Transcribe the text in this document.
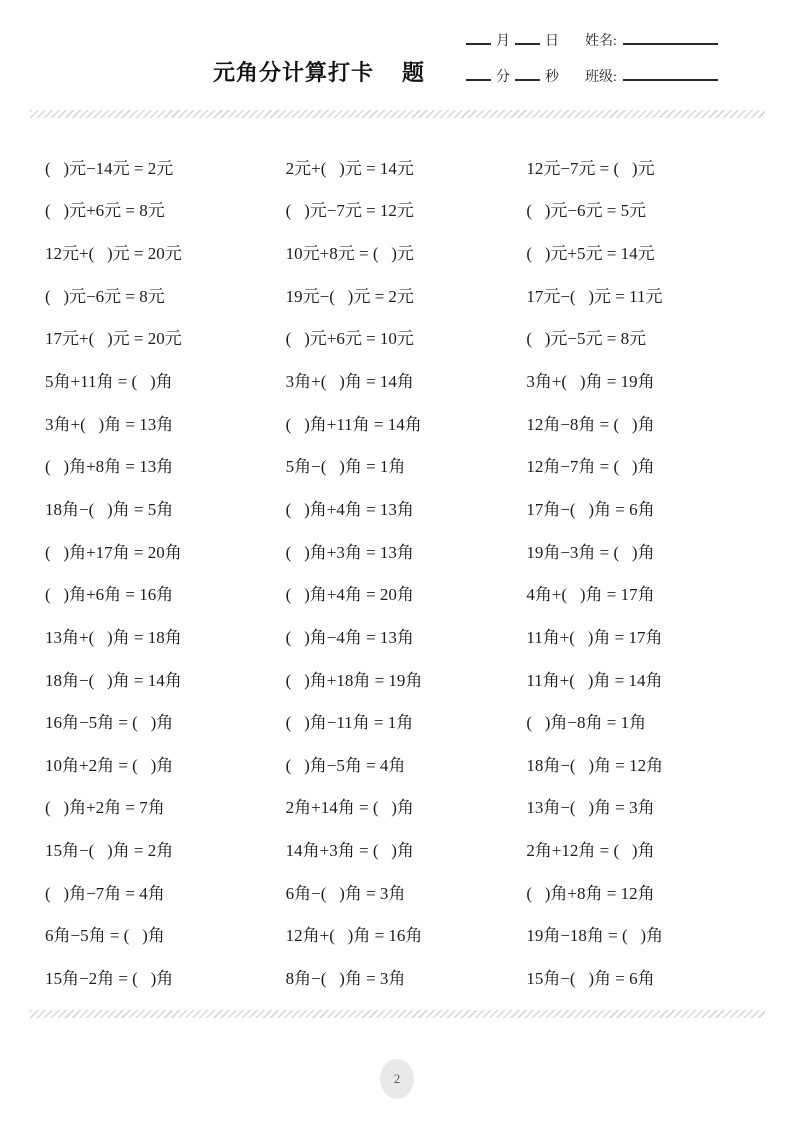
元角分计算打卡 题
月	日 姓名:
分	秒 班级:
(   )元−14元 = 2元
(   )元+6元 = 8元
12元+(   )元 = 20元
(   )元−6元 = 8元
17元+(   )元 = 20元
5角+11角 = (   )角
3角+(   )角 = 13角
(   )角+8角 = 13角
18角−(   )角 = 5角
(   )角+17角 = 20角
(   )角+6角 = 16角
13角+(   )角 = 18角
18角−(   )角 = 14角
16角−5角 = (   )角
10角+2角 = (   )角
(   )角+2角 = 7角
15角−(   )角 = 2角
(   )角−7角 = 4角
6角−5角 = (   )角
15角−2角 = (   )角
2元+(   )元 = 14元
(   )元−7元 = 12元
10元+8元 = (   )元
19元−(   )元 = 2元
(   )元+6元 = 10元
3角+(   )角 = 14角
(   )角+11角 = 14角
5角−(   )角 = 1角
(   )角+4角 = 13角
(   )角+3角 = 13角
(   )角+4角 = 20角
(   )角−4角 = 13角
(   )角+18角 = 19角
(   )角−11角 = 1角
(   )角−5角 = 4角
2角+14角 = (   )角
14角+3角 = (   )角
6角−(   )角 = 3角
12角+(   )角 = 16角
8角−(   )角 = 3角
12元−7元 = (   )元
(   )元−6元 = 5元
(   )元+5元 = 14元
17元−(   )元 = 11元
(   )元−5元 = 8元
3角+(   )角 = 19角
12角−8角 = (   )角
12角−7角 = (   )角
17角−(   )角 = 6角
19角−3角 = (   )角
4角+(   )角 = 17角
11角+(   )角 = 17角
11角+(   )角 = 14角
(   )角−8角 = 1角
18角−(   )角 = 12角
13角−(   )角 = 3角
2角+12角 = (   )角
(   )角+8角 = 12角
19角−18角 = (   )角
15角−(   )角 = 6角
2
